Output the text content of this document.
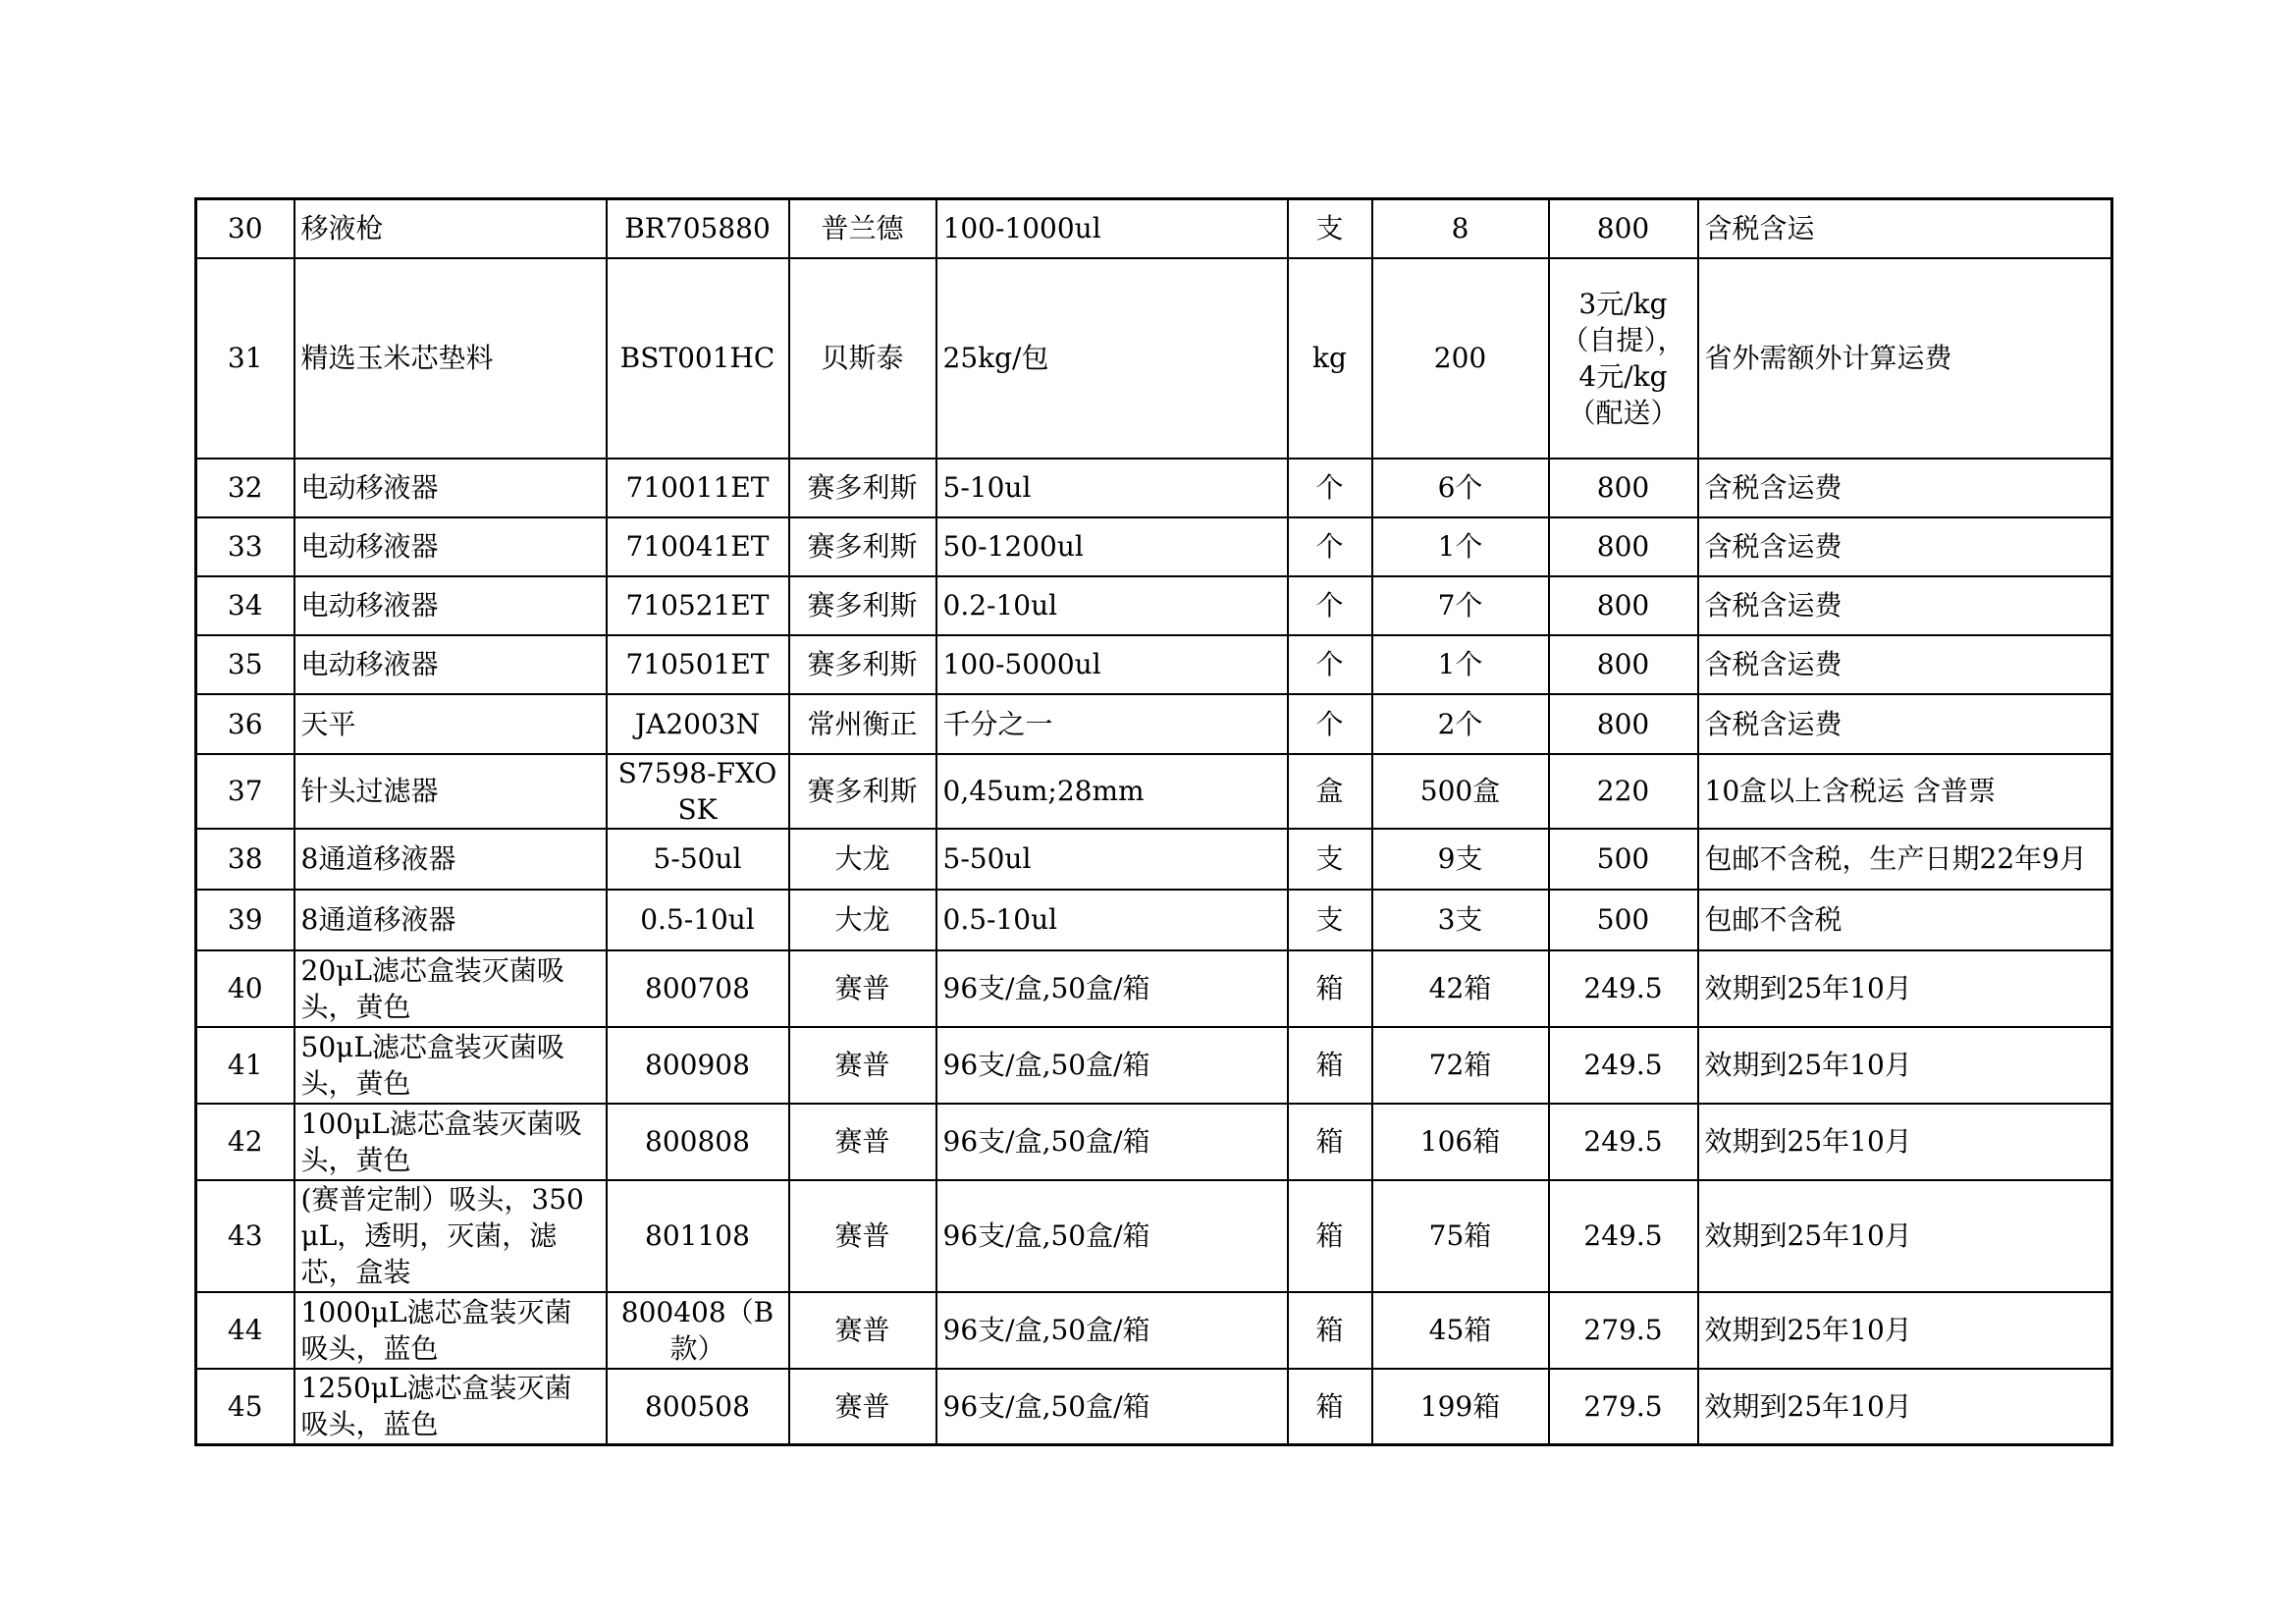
30	移液枪	BR705880	普兰德	100-1000ul	支	8	800	含税含运
31	精选玉米芯垫料	BST001HC	贝斯泰	25kg/包	kg	200	3元/kg（自提），4元/kg（配送）	省外需额外计算运费
32	电动移液器	710011ET	赛多利斯	5-10ul	个	6个	800	含税含运费
33	电动移液器	710041ET	赛多利斯	50-1200ul	个	1个	800	含税含运费
34	电动移液器	710521ET	赛多利斯	0.2-10ul	个	7个	800	含税含运费
35	电动移液器	710501ET	赛多利斯	100-5000ul	个	1个	800	含税含运费
36	天平	JA2003N	常州衡正	千分之一	个	2个	800	含税含运费
37	针头过滤器	S7598-FXOSK	赛多利斯	0,45um;28mm	盒	500盒	220	10盒以上含税运 含普票
38	8通道移液器	5-50ul	大龙	5-50ul	支	9支	500	包邮不含税，生产日期22年9月
39	8通道移液器	0.5-10ul	大龙	0.5-10ul	支	3支	500	包邮不含税
40	20μL滤芯盒装灭菌吸头，黄色	800708	赛普	96支/盒,50盒/箱	箱	42箱	249.5	效期到25年10月
41	50μL滤芯盒装灭菌吸头，黄色	800908	赛普	96支/盒,50盒/箱	箱	72箱	249.5	效期到25年10月
42	100μL滤芯盒装灭菌吸头，黄色	800808	赛普	96支/盒,50盒/箱	箱	106箱	249.5	效期到25年10月
43	(赛普定制）吸头，350μL，透明，灭菌，滤芯，盒装	801108	赛普	96支/盒,50盒/箱	箱	75箱	249.5	效期到25年10月
44	1000μL滤芯盒装灭菌吸头，蓝色	800408（B款）	赛普	96支/盒,50盒/箱	箱	45箱	279.5	效期到25年10月
45	1250μL滤芯盒装灭菌吸头，蓝色	800508	赛普	96支/盒,50盒/箱	箱	199箱	279.5	效期到25年10月
